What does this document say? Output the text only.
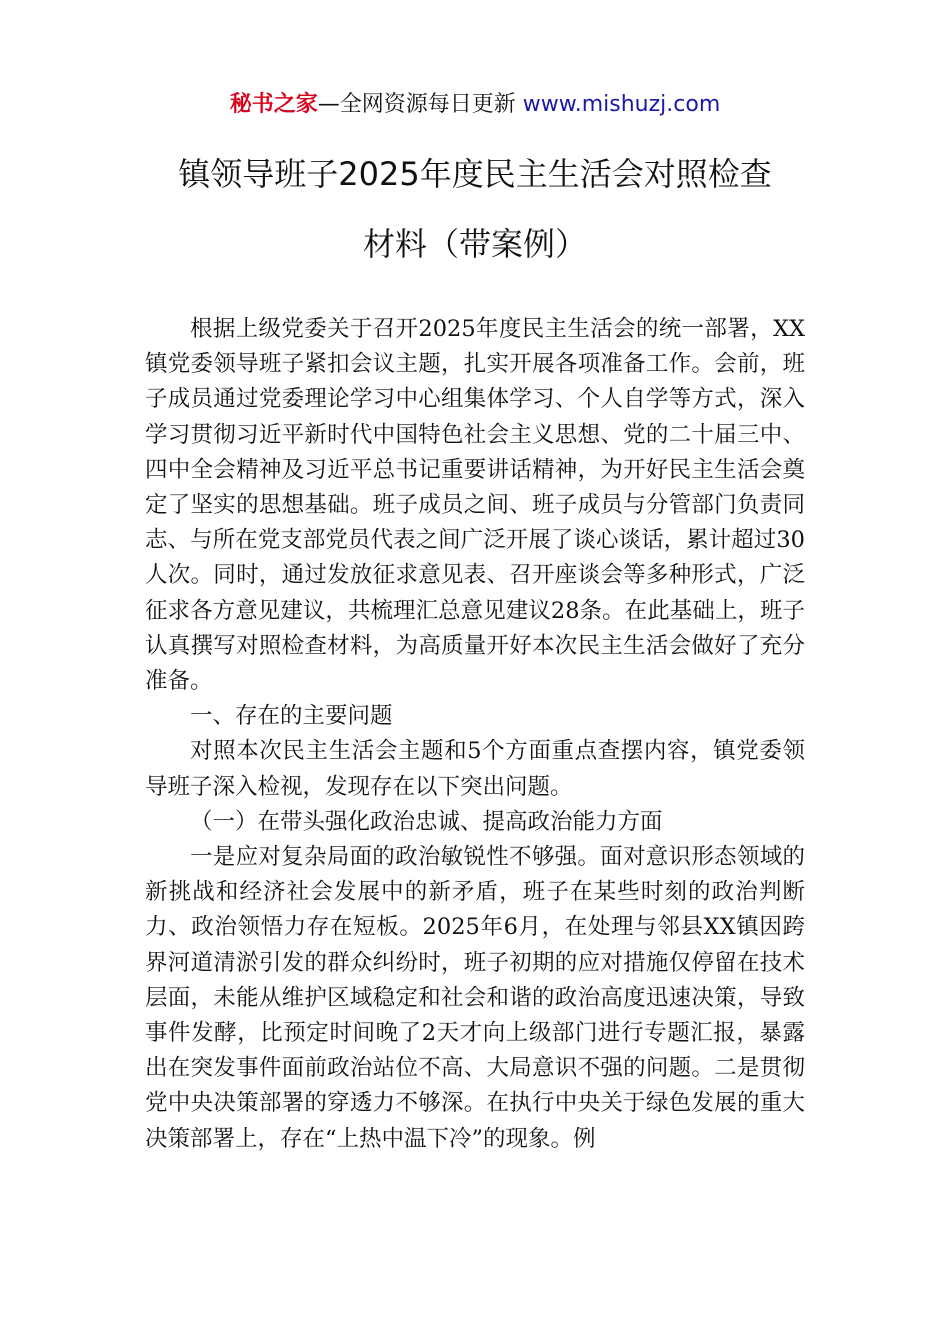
秘书之家—全网资源每日更新 www.mishuzj.com
镇领导班子2025年度民主生活会对照检查
材料（带案例）

根据上级党委关于召开2025年度民主生活会的统一部署，XX镇党委领导班子紧扣会议主题，扎实开展各项准备工作。会前，班子成员通过党委理论学习中心组集体学习、个人自学等方式，深入学习贯彻习近平新时代中国特色社会主义思想、党的二十届三中、四中全会精神及习近平总书记重要讲话精神，为开好民主生活会奠定了坚实的思想基础。班子成员之间、班子成员与分管部门负责同志、与所在党支部党员代表之间广泛开展了谈心谈话，累计超过30人次。同时，通过发放征求意见表、召开座谈会等多种形式，广泛征求各方意见建议，共梳理汇总意见建议28条。在此基础上，班子认真撰写对照检查材料，为高质量开好本次民主生活会做好了充分准备。

一、存在的主要问题

对照本次民主生活会主题和5个方面重点查摆内容，镇党委领导班子深入检视，发现存在以下突出问题。

（一）在带头强化政治忠诚、提高政治能力方面

一是应对复杂局面的政治敏锐性不够强。面对意识形态领域的新挑战和经济社会发展中的新矛盾，班子在某些时刻的政治判断力、政治领悟力存在短板。2025年6月，在处理与邻县XX镇因跨界河道清淤引发的群众纠纷时，班子初期的应对措施仅停留在技术层面，未能从维护区域稳定和社会和谐的政治高度迅速决策，导致事件发酵，比预定时间晚了2天才向上级部门进行专题汇报，暴露出在突发事件面前政治站位不高、大局意识不强的问题。二是贯彻党中央决策部署的穿透力不够深。在执行中央关于绿色发展的重大决策部署上，存在“上热中温下冷”的现象。例
